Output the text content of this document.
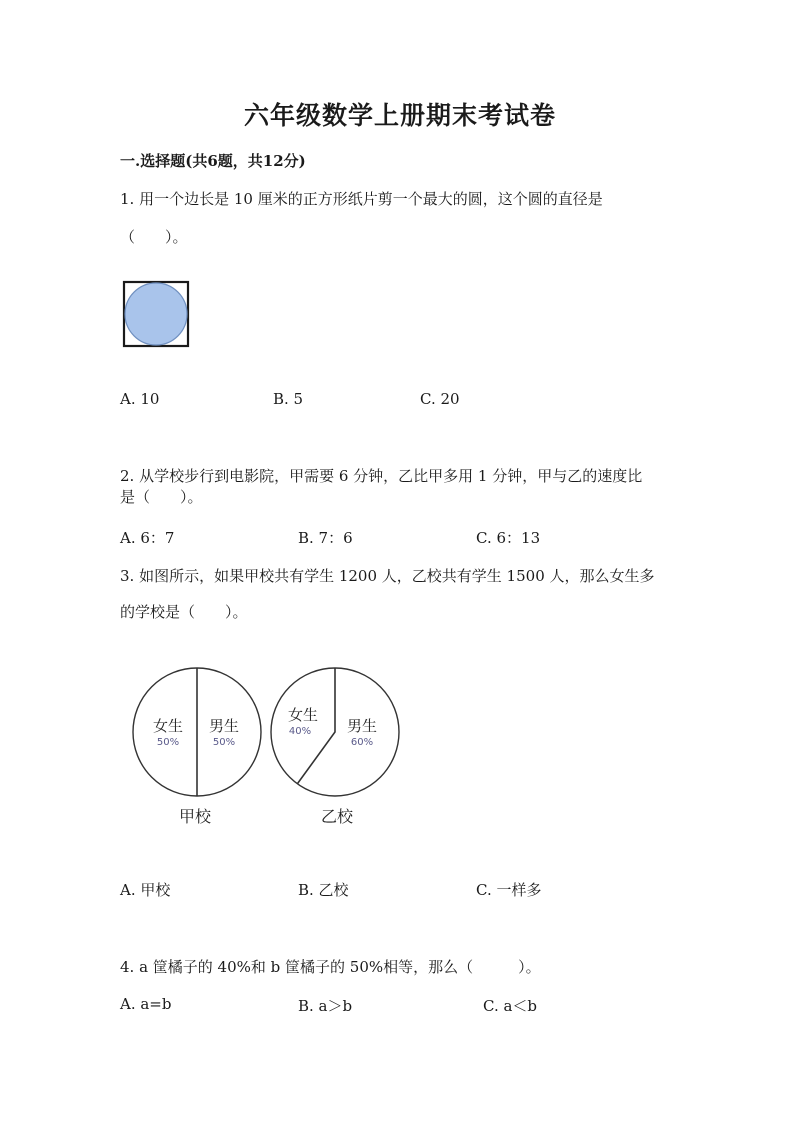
六年级数学上册期末考试卷
一.选择题(共6题，共12分)
1. 用一个边长是 10 厘米的正方形纸片剪一个最大的圆，这个圆的直径是
（　　）。
A. 10	B. 5	C. 20
2. 从学校步行到电影院，甲需要 6 分钟，乙比甲多用 1 分钟，甲与乙的速度比
是（　　）。
A. 6：7	B. 7：6	C. 6：13
3. 如图所示，如果甲校共有学生 1200 人，乙校共有学生 1500 人，那么女生多
的学校是（　　）。
女生
50%
男生
50%
甲校
女生
40% 男生
60%
乙校
A. 甲校	B. 乙校	C. 一样多
4. a 筐橘子的 40%和 b 筐橘子的 50%相等，那么（　　　）。
A. a=b	B. a＞b	C. a＜b
